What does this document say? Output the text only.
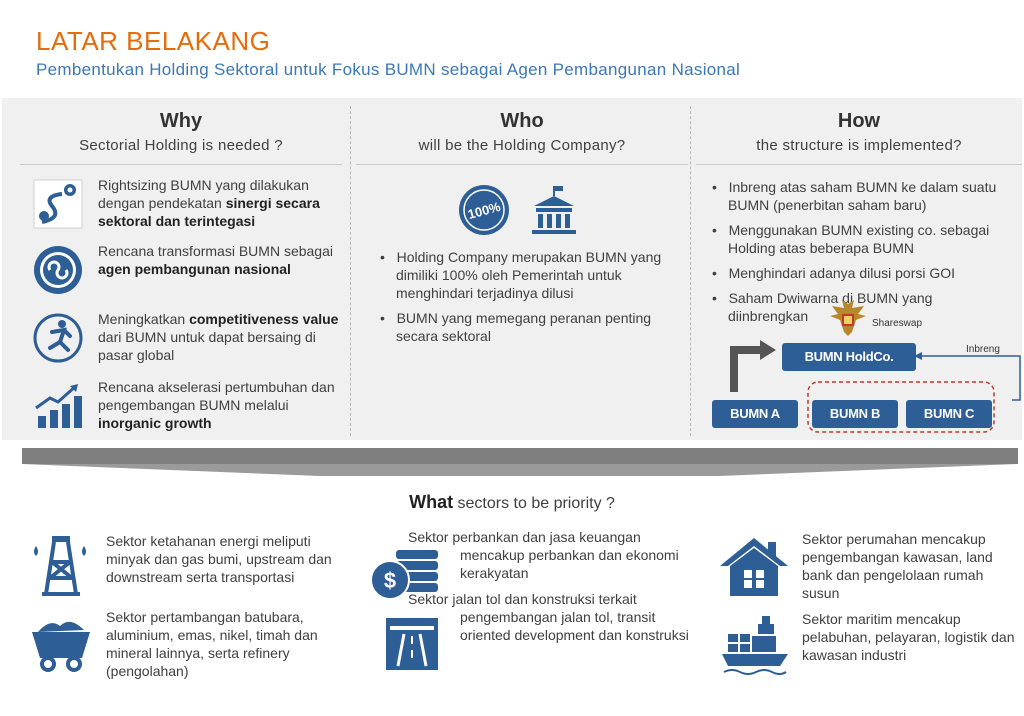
LATAR BELAKANG
Pembentukan Holding Sektoral untuk Fokus BUMN sebagai Agen Pembangunan Nasional
Why
Sectorial Holding is needed ?
Rightsizing BUMN yang dilakukan dengan pendekatan sinergi secara sektoral dan terintegasi
Rencana transformasi BUMN sebagai agen pembangunan nasional
Meningkatkan competitiveness value dari BUMN untuk dapat bersaing di pasar global
Rencana akselerasi pertumbuhan dan pengembangan BUMN melalui inorganic growth
Who
will be the Holding Company?
100%
•   Holding Company merupakan BUMN yang dimiliki 100% oleh Pemerintah untuk menghindari terjadinya dilusi
•   BUMN yang memegang peranan penting secara sektoral
How
the structure is implemented?
•   Inbreng atas saham BUMN ke dalam suatu BUMN (penerbitan saham baru)
•   Menggunakan BUMN existing co. sebagai Holding atas beberapa BUMN
•   Menghindari adanya dilusi porsi GOI
•   Saham Dwiwarna di BUMN yang diinbrengkan	Shareswap
Inbreng
BUMN HoldCo.
BUMN A	BUMN B	BUMN C
What sectors to be priority ?
Sektor ketahanan energi meliputi minyak dan gas bumi, upstream dan downstream serta transportasi
Sektor pertambangan batubara, aluminium, emas, nikel, timah dan mineral lainnya, serta refinery (pengolahan)
$
Sektor perbankan dan jasa keuangan
mencakup perbankan dan ekonomi kerakyatan
Sektor jalan tol dan konstruksi terkait
pengembangan jalan tol, transit oriented development dan konstruksi
Sektor perumahan mencakup pengembangan kawasan, land bank dan pengelolaan rumah susun
Sektor maritim mencakup pelabuhan, pelayaran, logistik dan kawasan industri
